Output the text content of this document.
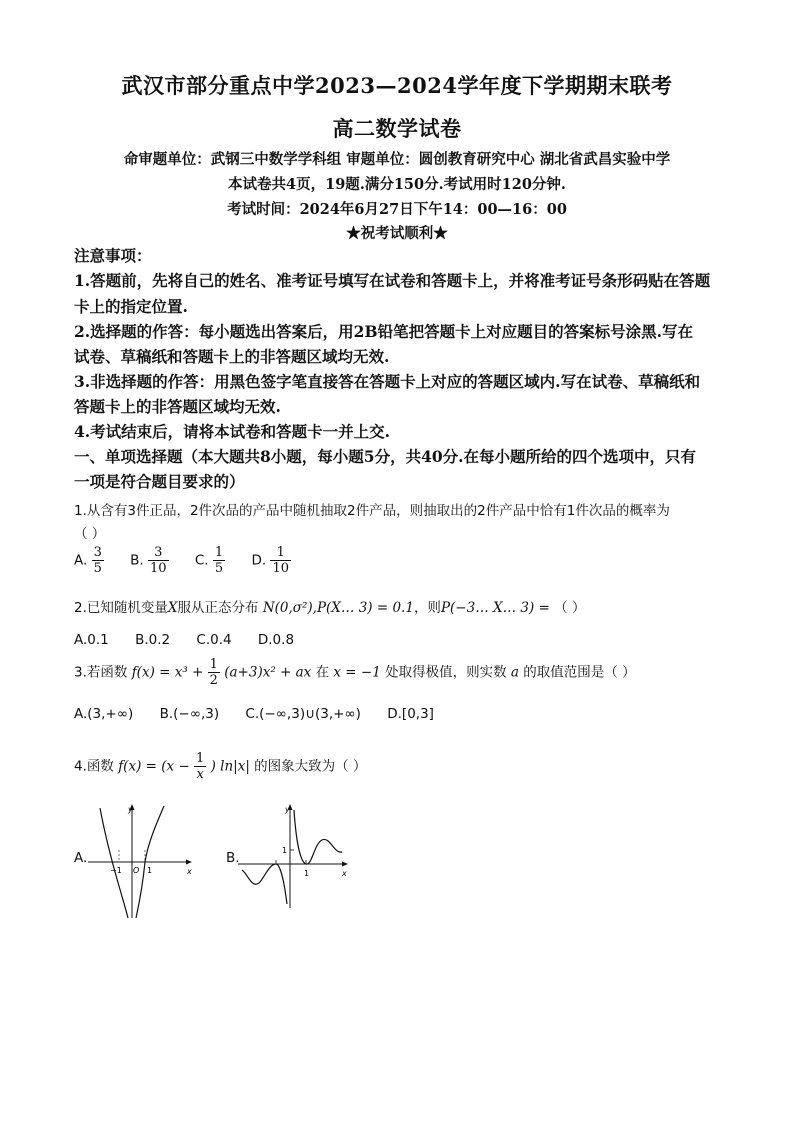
武汉市部分重点中学2023—2024学年度下学期期末联考
高二数学试卷
命审题单位：武钢三中数学学科组 审题单位：圆创教育研究中心 湖北省武昌实验中学
本试卷共4页，19题.满分150分.考试用时120分钟.
考试时间：2024年6月27日下午14：00—16：00
★祝考试顺利★
注意事项：
1.答题前，先将自己的姓名、准考证号填写在试卷和答题卡上，并将准考证号条形码贴在答题
卡上的指定位置.
2.选择题的作答：每小题选出答案后，用2B铅笔把答题卡上对应题目的答案标号涂黑.写在
试卷、草稿纸和答题卡上的非答题区域均无效.
3.非选择题的作答：用黑色签字笔直接答在答题卡上对应的答题区域内.写在试卷、草稿纸和
答题卡上的非答题区域均无效.
4.考试结束后，请将本试卷和答题卡一并上交.
一、单项选择题（本大题共8小题，每小题5分，共40分.在每小题所给的四个选项中，只有
一项是符合题目要求的）
1.从含有3件正品，2件次品的产品中随机抽取2件产品，则抽取出的2件产品中恰有1件次品的概率为
（ ）
A. $\frac{3}{5} B$. $\frac{3}{10} C$. $\frac{1}{5} D$. $\frac{1}{10}$
2.已知随机变量X服从正态分布 N(0,σ²),P(X… 3) = 0.1，则P(−3… X… 3) = （ ）
A.0.1 B.0.2 C.0.4 D.0.8
3.若函数 $f(x) = x^3 + \frac{1}{2} (a+3)x^2$ + ax 在 x = −1 处取得极值，则实数 a 的取值范围是（ ）
A.(3,+∞) B.(−∞,3) C.(−∞,3)∪(3,+∞) D.[0,3]
4.函数 $f(x) = (x - \frac{1}{x}$ ) ln|x| 的图象大致为（ ）
A.
y
x
O
−1	1
B.
y
x
1
1
